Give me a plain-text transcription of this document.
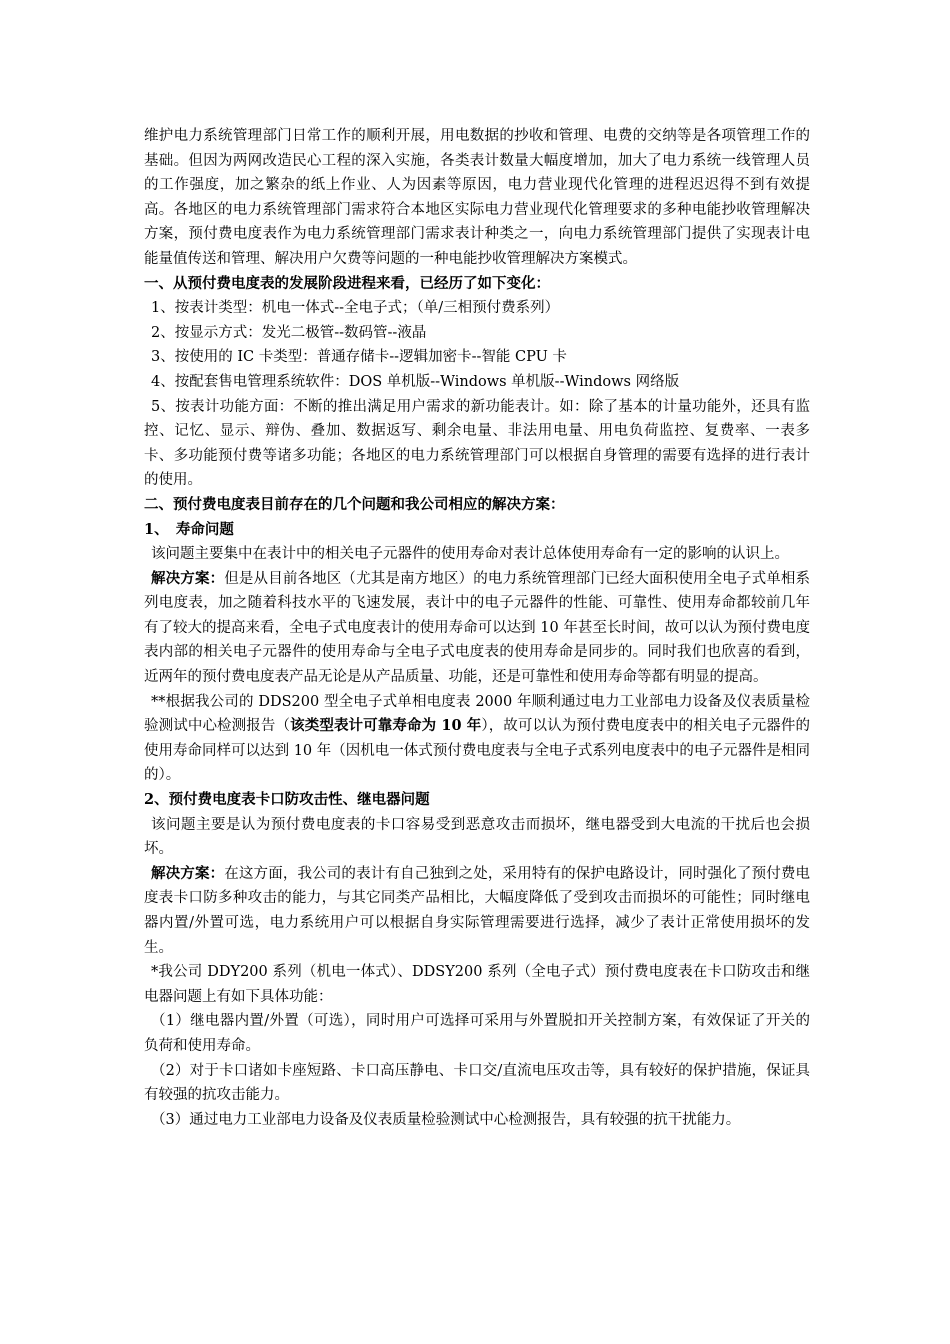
维护电力系统管理部门日常工作的顺利开展，用电数据的抄收和管理、电费的交纳等是各项管理工作的基础。但因为两网改造民心工程的深入实施，各类表计数量大幅度增加，加大了电力系统一线管理人员的工作强度，加之繁杂的纸上作业、人为因素等原因，电力营业现代化管理的进程迟迟得不到有效提高。各地区的电力系统管理部门需求符合本地区实际电力营业现代化管理要求的多种电能抄收管理解决方案，预付费电度表作为电力系统管理部门需求表计种类之一，向电力系统管理部门提供了实现表计电能量值传送和管理、解决用户欠费等问题的一种电能抄收管理解决方案模式。

一、从预付费电度表的发展阶段进程来看，已经历了如下变化：

1、按表计类型：机电一体式--全电子式；（单/三相预付费系列）

2、按显示方式：发光二极管--数码管--液晶

3、按使用的 IC 卡类型：普通存储卡--逻辑加密卡--智能 CPU 卡

4、按配套售电管理系统软件：DOS 单机版--Windows 单机版--Windows 网络版

5、按表计功能方面：不断的推出满足用户需求的新功能表计。如：除了基本的计量功能外，还具有监控、记忆、显示、辩伪、叠加、数据返写、剩余电量、非法用电量、用电负荷监控、复费率、一表多卡、多功能预付费等诸多功能；各地区的电力系统管理部门可以根据自身管理的需要有选择的进行表计的使用。

二、预付费电度表目前存在的几个问题和我公司相应的解决方案：

1、　寿命问题

该问题主要集中在表计中的相关电子元器件的使用寿命对表计总体使用寿命有一定的影响的认识上。

解决方案：但是从目前各地区（尤其是南方地区）的电力系统管理部门已经大面积使用全电子式单相系列电度表，加之随着科技水平的飞速发展，表计中的电子元器件的性能、可靠性、使用寿命都较前几年有了较大的提高来看，全电子式电度表计的使用寿命可以达到 10 年甚至长时间，故可以认为预付费电度表内部的相关电子元器件的使用寿命与全电子式电度表的使用寿命是同步的。同时我们也欣喜的看到，近两年的预付费电度表产品无论是从产品质量、功能，还是可靠性和使用寿命等都有明显的提高。

**根据我公司的 DDS200 型全电子式单相电度表 2000 年顺利通过电力工业部电力设备及仪表质量检验测试中心检测报告（该类型表计可靠寿命为 10 年），故可以认为预付费电度表中的相关电子元器件的使用寿命同样可以达到 10 年（因机电一体式预付费电度表与全电子式系列电度表中的电子元器件是相同的）。

2、预付费电度表卡口防攻击性、继电器问题

该问题主要是认为预付费电度表的卡口容易受到恶意攻击而损坏，继电器受到大电流的干扰后也会损坏。

解决方案：在这方面，我公司的表计有自己独到之处，采用特有的保护电路设计，同时强化了预付费电度表卡口防多种攻击的能力，与其它同类产品相比，大幅度降低了受到攻击而损坏的可能性；同时继电器内置/外置可选，电力系统用户可以根据自身实际管理需要进行选择，减少了表计正常使用损坏的发生。

*我公司 DDY200 系列（机电一体式）、DDSY200 系列（全电子式）预付费电度表在卡口防攻击和继电器问题上有如下具体功能：

（1）继电器内置/外置（可选），同时用户可选择可采用与外置脱扣开关控制方案，有效保证了开关的负荷和使用寿命。

（2）对于卡口诸如卡座短路、卡口高压静电、卡口交/直流电压攻击等，具有较好的保护措施，保证具有较强的抗攻击能力。

（3）通过电力工业部电力设备及仪表质量检验测试中心检测报告，具有较强的抗干扰能力。
